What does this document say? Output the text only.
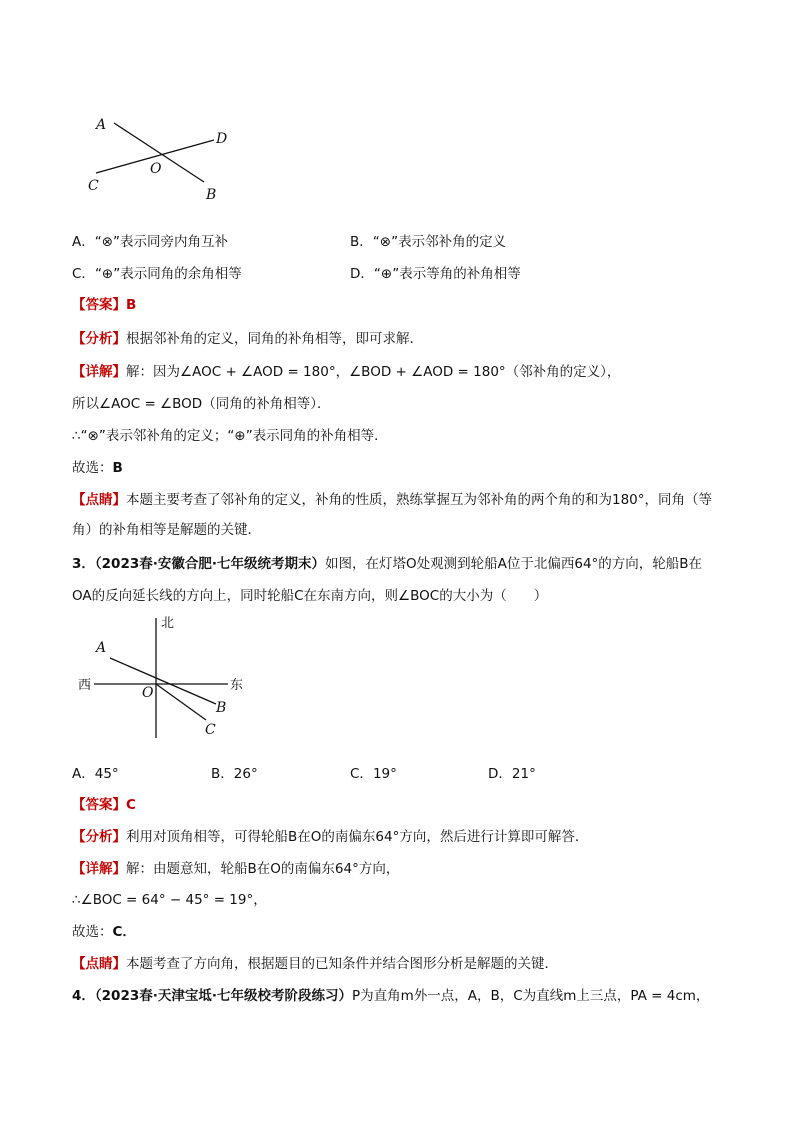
A
D
O
C
B
A．“⊗”表示同旁内角互补	B．“⊗”表示邻补角的定义
C．“⊕”表示同角的余角相等	D．“⊕”表示等角的补角相等
【答案】B
【分析】根据邻补角的定义，同角的补角相等，即可求解．
【详解】解：因为∠AOC + ∠AOD = 180°，∠BOD + ∠AOD = 180°（邻补角的定义），
所以∠AOC = ∠BOD（同角的补角相等）．
∴“⊗”表示邻补角的定义；“⊕”表示同角的补角相等．
故选：B
【点睛】本题主要考查了邻补角的定义，补角的性质，熟练掌握互为邻补角的两个角的和为180°，同角（等
角）的补角相等是解题的关键．
3．（2023春·安徽合肥·七年级统考期末）如图，在灯塔O处观测到轮船A位于北偏西64°的方向，轮船B在
OA的反向延长线的方向上，同时轮船C在东南方向，则∠BOC的大小为（　　）
北
西	东
A
O
B
C
A．45°	B．26°	C．19°	D．21°
【答案】C
【分析】利用对顶角相等，可得轮船B在O的南偏东64°方向，然后进行计算即可解答．
【详解】解：由题意知，轮船B在O的南偏东64°方向，
∴∠BOC = 64° − 45° = 19°，
故选：C．
【点睛】本题考查了方向角，根据题目的已知条件并结合图形分析是解题的关键．
4．（2023春·天津宝坻·七年级校考阶段练习）P为直角m外一点，A，B，C为直线m上三点，PA = 4cm，
